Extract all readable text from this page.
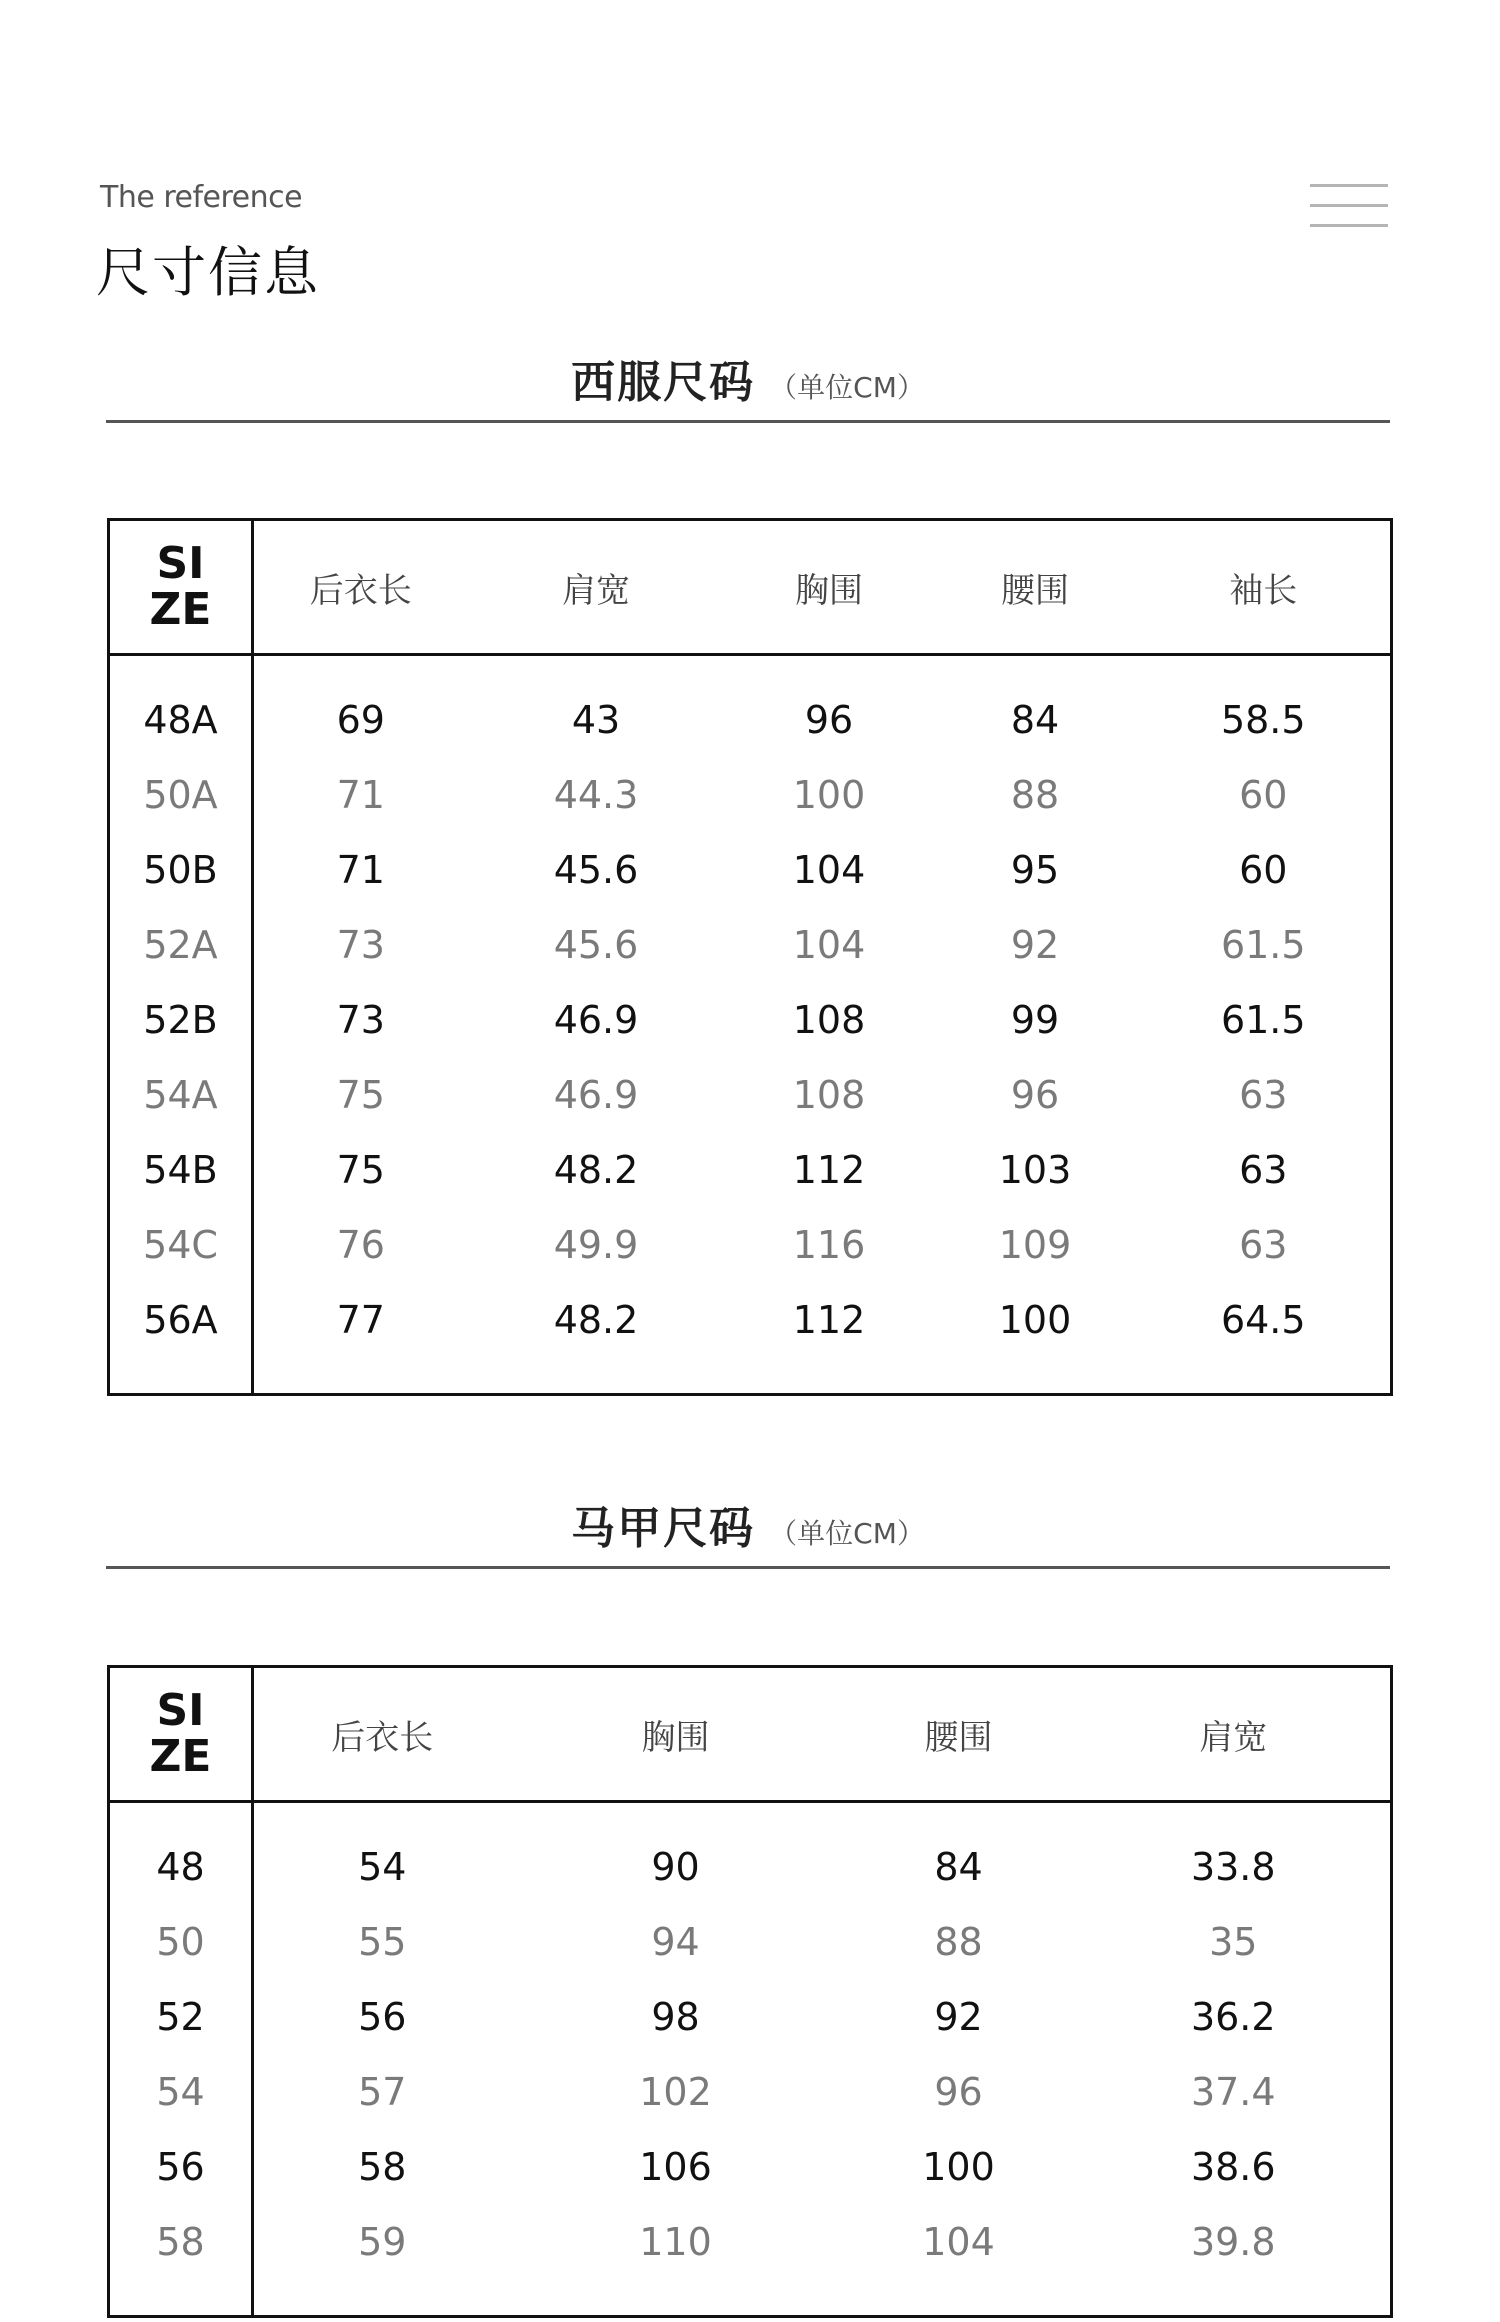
The reference
尺寸信息
西服尺码 （单位CM）
SI
ZE	后衣长	肩宽	胸围	腰围	袖长

48A	69	43	96	84	58.5
50A	71	44.3	100	88	60
50B	71	45.6	104	95	60
52A	73	45.6	104	92	61.5
52B	73	46.9	108	99	61.5
54A	75	46.9	108	96	63
54B	75	48.2	112	103	63
54C	76	49.9	116	109	63
56A	77	48.2	112	100	64.5

马甲尺码 （单位CM）
SI
ZE	后衣长	胸围	腰围	肩宽

48	54	90	84	33.8
50	55	94	88	35
52	56	98	92	36.2
54	57	102	96	37.4
56	58	106	100	38.6
58	59	110	104	39.8
